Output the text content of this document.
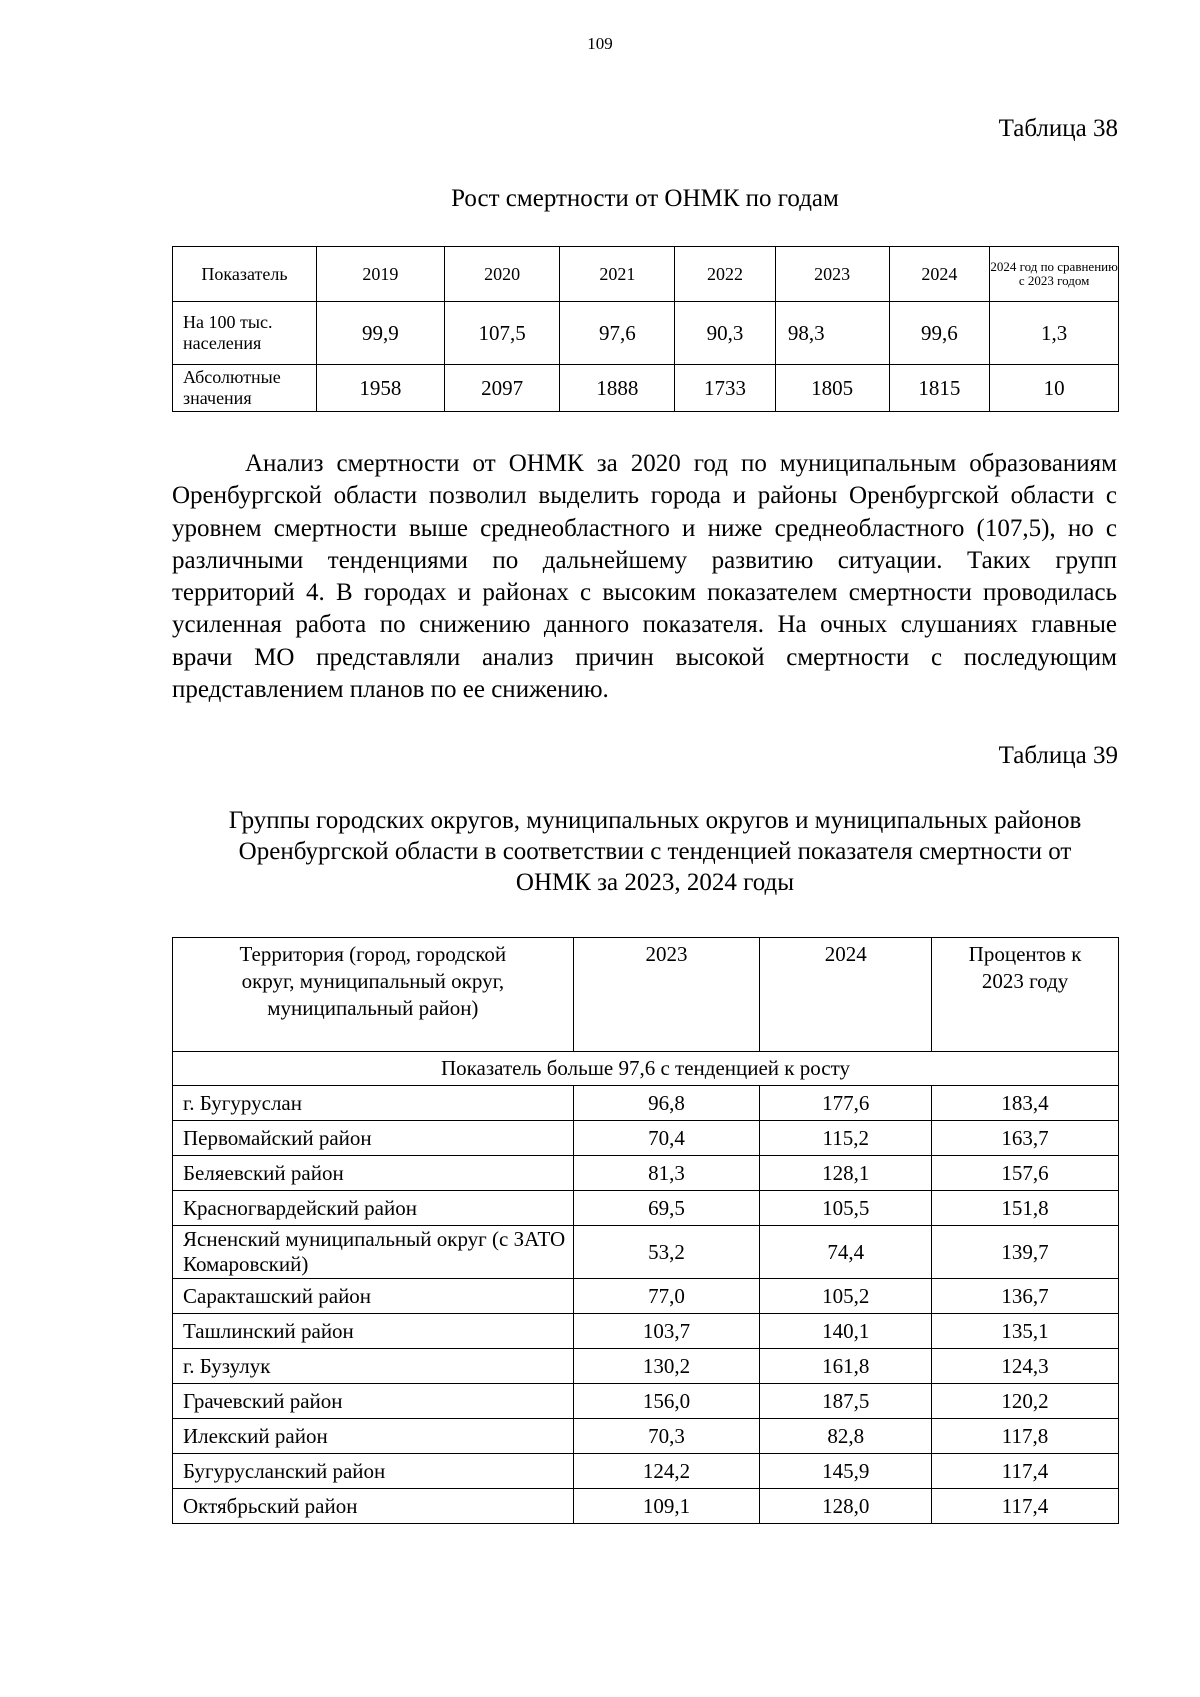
109
Таблица 38
Рост смертности от ОНМК по годам
Показатель	2019	2020	2021	2022	2023	2024	2024 год по сравнению с 2023 годом
На 100 тыс. населения	99,9	107,5	97,6	90,3	98,3	99,6	1,3
Абсолютные значения	1958	2097	1888	1733	1805	1815	10
Анализ смертности от ОНМК за 2020 год по муниципальным образованиям Оренбургской области позволил выделить города и районы Оренбургской области с уровнем смертности выше среднеобластного и ниже среднеобластного (107,5), но с различными тенденциями по дальнейшему развитию ситуации. Таких групп территорий 4. В городах и районах с высоким показателем смертности проводилась усиленная работа по снижению данного показателя. На очных слушаниях главные врачи МО представляли анализ причин высокой смертности с последующим представлением планов по ее снижению.
Таблица 39
Группы городских округов, муниципальных округов и муниципальных районов Оренбургской области в соответствии с тенденцией показателя смертности от ОНМК за 2023, 2024 годы
Территория (город, городской округ, муниципальный округ, муниципальный район)	2023	2024	Процентов к 2023 году
Показатель больше 97,6 с тенденцией к росту			
г. Бугуруслан	96,8	177,6	183,4
Первомайский район	70,4	115,2	163,7
Беляевский район	81,3	128,1	157,6
Красногвардейский район	69,5	105,5	151,8
Ясненский муниципальный округ (с ЗАТО Комаровский)	53,2	74,4	139,7
Саракташский район	77,0	105,2	136,7
Ташлинский район	103,7	140,1	135,1
г. Бузулук	130,2	161,8	124,3
Грачевский район	156,0	187,5	120,2
Илекский район	70,3	82,8	117,8
Бугурусланский район	124,2	145,9	117,4
Октябрьский район	109,1	128,0	117,4
